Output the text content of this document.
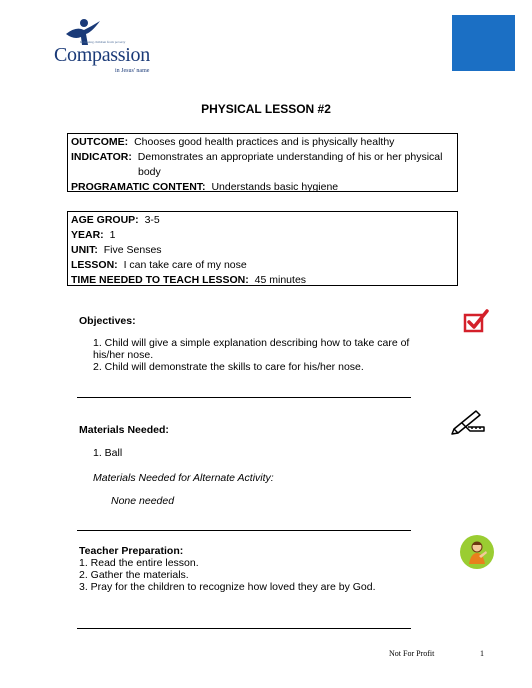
Releasing children from poverty
Compassion
in Jesus' name
PHYSICAL LESSON #2
OUTCOME: Chooses good health practices and is physically healthy
INDICATOR: Demonstrates an appropriate understanding of his or her physical
body
PROGRAMATIC CONTENT: Understands basic hygiene
AGE GROUP: 3-5
YEAR: 1
UNIT: Five Senses
LESSON: I can take care of my nose
TIME NEEDED TO TEACH LESSON: 45 minutes
Objectives:
1. Child will give a simple explanation describing how to take care of
his/her nose.
2. Child will demonstrate the skills to care for his/her nose.
Materials Needed:
1. Ball
Materials Needed for Alternate Activity:
None needed
Teacher Preparation:
1. Read the entire lesson.
2. Gather the materials.
3. Pray for the children to recognize how loved they are by God.
Not For Profit	1
